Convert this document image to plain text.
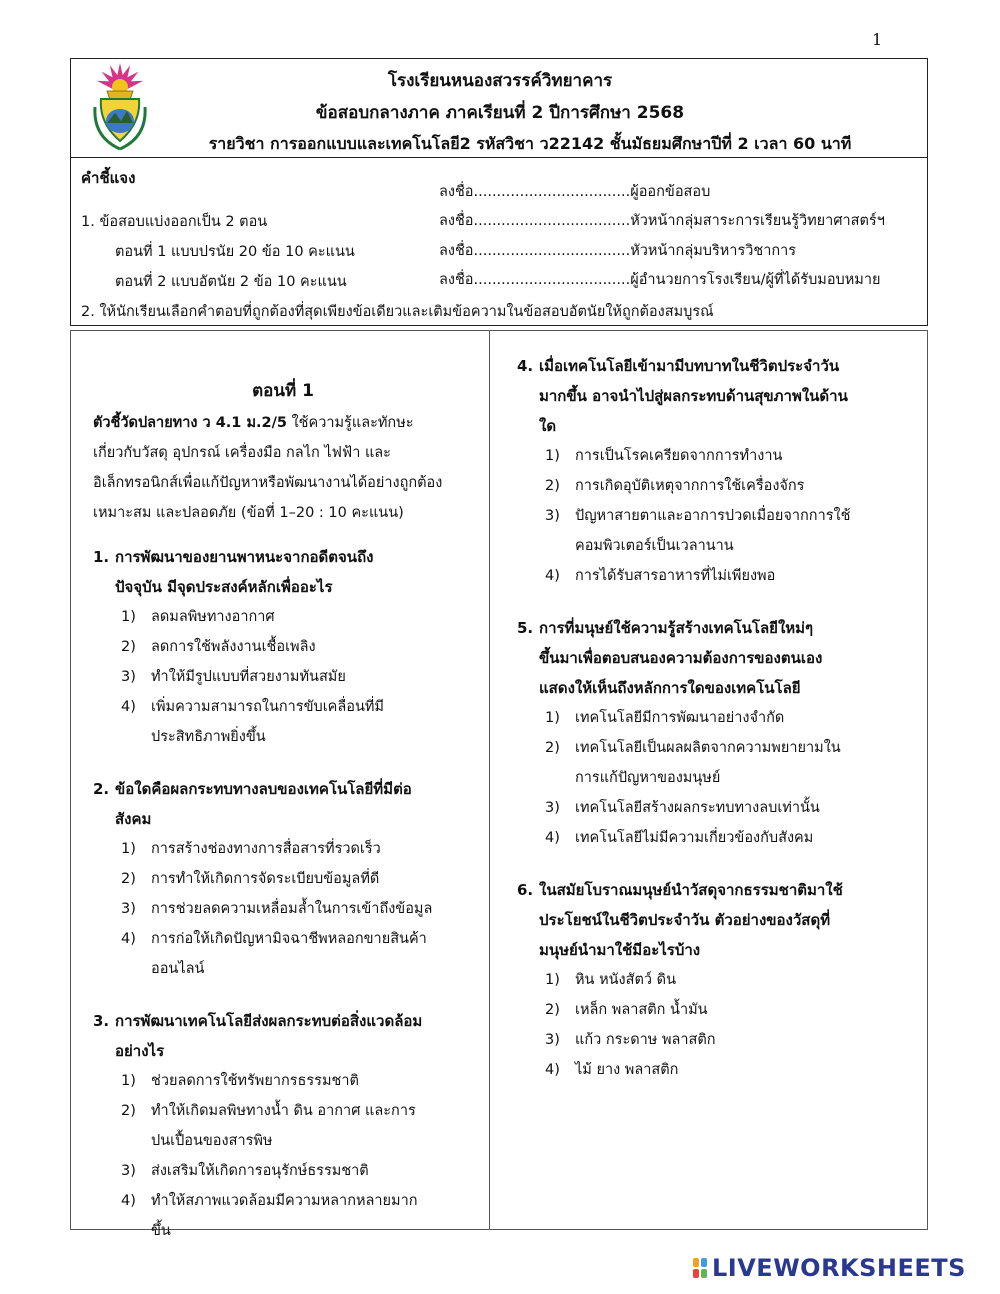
1
โรงเรียนหนองสวรรค์วิทยาคาร
ข้อสอบกลางภาค ภาคเรียนที่ 2 ปีการศึกษา 2568
รายวิชา การออกแบบและเทคโนโลยี2 รหัสวิชา ว22142 ชั้นมัธยมศึกษาปีที่ 2 เวลา 60 นาที
คำชี้แจง
1. ข้อสอบแบ่งออกเป็น 2 ตอน
ตอนที่ 1 แบบปรนัย 20 ข้อ 10 คะแนน
ตอนที่ 2 แบบอัตนัย 2 ข้อ 10 คะแนน
2. ให้นักเรียนเลือกคำตอบที่ถูกต้องที่สุดเพียงข้อเดียวและเติมข้อความในข้อสอบอัตนัยให้ถูกต้องสมบูรณ์
ลงชื่อ..................................ผู้ออกข้อสอบ
ลงชื่อ..................................หัวหน้ากลุ่มสาระการเรียนรู้วิทยาศาสตร์ฯ
ลงชื่อ..................................หัวหน้ากลุ่มบริหารวิชาการ
ลงชื่อ..................................ผู้อำนวยการโรงเรียน/ผู้ที่ได้รับมอบหมาย
ตอนที่ 1
ตัวชี้วัดปลายทาง ว 4.1 ม.2/5 ใช้ความรู้และทักษะ
เกี่ยวกับวัสดุ อุปกรณ์ เครื่องมือ กลไก ไฟฟ้า และ
อิเล็กทรอนิกส์เพื่อแก้ปัญหาหรือพัฒนางานได้อย่างถูกต้อง
เหมาะสม และปลอดภัย (ข้อที่ 1–20 : 10 คะแนน)
1. การพัฒนาของยานพาหนะจากอดีตจนถึง
ปัจจุบัน มีจุดประสงค์หลักเพื่ออะไร
1) ลดมลพิษทางอากาศ
2) ลดการใช้พลังงานเชื้อเพลิง
3) ทำให้มีรูปแบบที่สวยงามทันสมัย
4) เพิ่มความสามารถในการขับเคลื่อนที่มี
ประสิทธิภาพยิ่งขึ้น
2. ข้อใดคือผลกระทบทางลบของเทคโนโลยีที่มีต่อ
สังคม
1) การสร้างช่องทางการสื่อสารที่รวดเร็ว
2) การทำให้เกิดการจัดระเบียบข้อมูลที่ดี
3) การช่วยลดความเหลื่อมล้ำในการเข้าถึงข้อมูล
4) การก่อให้เกิดปัญหามิจฉาชีพหลอกขายสินค้า
ออนไลน์
3. การพัฒนาเทคโนโลยีส่งผลกระทบต่อสิ่งแวดล้อม
อย่างไร
1) ช่วยลดการใช้ทรัพยากรธรรมชาติ
2) ทำให้เกิดมลพิษทางน้ำ ดิน อากาศ และการ
ปนเปื้อนของสารพิษ
3) ส่งเสริมให้เกิดการอนุรักษ์ธรรมชาติ
4) ทำให้สภาพแวดล้อมมีความหลากหลายมาก
ขึ้น
4. เมื่อเทคโนโลยีเข้ามามีบทบาทในชีวิตประจำวัน
มากขึ้น อาจนำไปสู่ผลกระทบด้านสุขภาพในด้าน
ใด
1) การเป็นโรคเครียดจากการทำงาน
2) การเกิดอุบัติเหตุจากการใช้เครื่องจักร
3) ปัญหาสายตาและอาการปวดเมื่อยจากการใช้
คอมพิวเตอร์เป็นเวลานาน
4) การได้รับสารอาหารที่ไม่เพียงพอ
5. การที่มนุษย์ใช้ความรู้สร้างเทคโนโลยีใหม่ๆ
ขึ้นมาเพื่อตอบสนองความต้องการของตนเอง
แสดงให้เห็นถึงหลักการใดของเทคโนโลยี
1) เทคโนโลยีมีการพัฒนาอย่างจำกัด
2) เทคโนโลยีเป็นผลผลิตจากความพยายามใน
การแก้ปัญหาของมนุษย์
3) เทคโนโลยีสร้างผลกระทบทางลบเท่านั้น
4) เทคโนโลยีไม่มีความเกี่ยวข้องกับสังคม
6. ในสมัยโบราณมนุษย์นำวัสดุจากธรรมชาติมาใช้
ประโยชน์ในชีวิตประจำวัน ตัวอย่างของวัสดุที่
มนุษย์นำมาใช้มีอะไรบ้าง
1) หิน หนังสัตว์ ดิน
2) เหล็ก พลาสติก น้ำมัน
3) แก้ว กระดาษ พลาสติก
4) ไม้ ยาง พลาสติก
LIVEWORKSHEETS
